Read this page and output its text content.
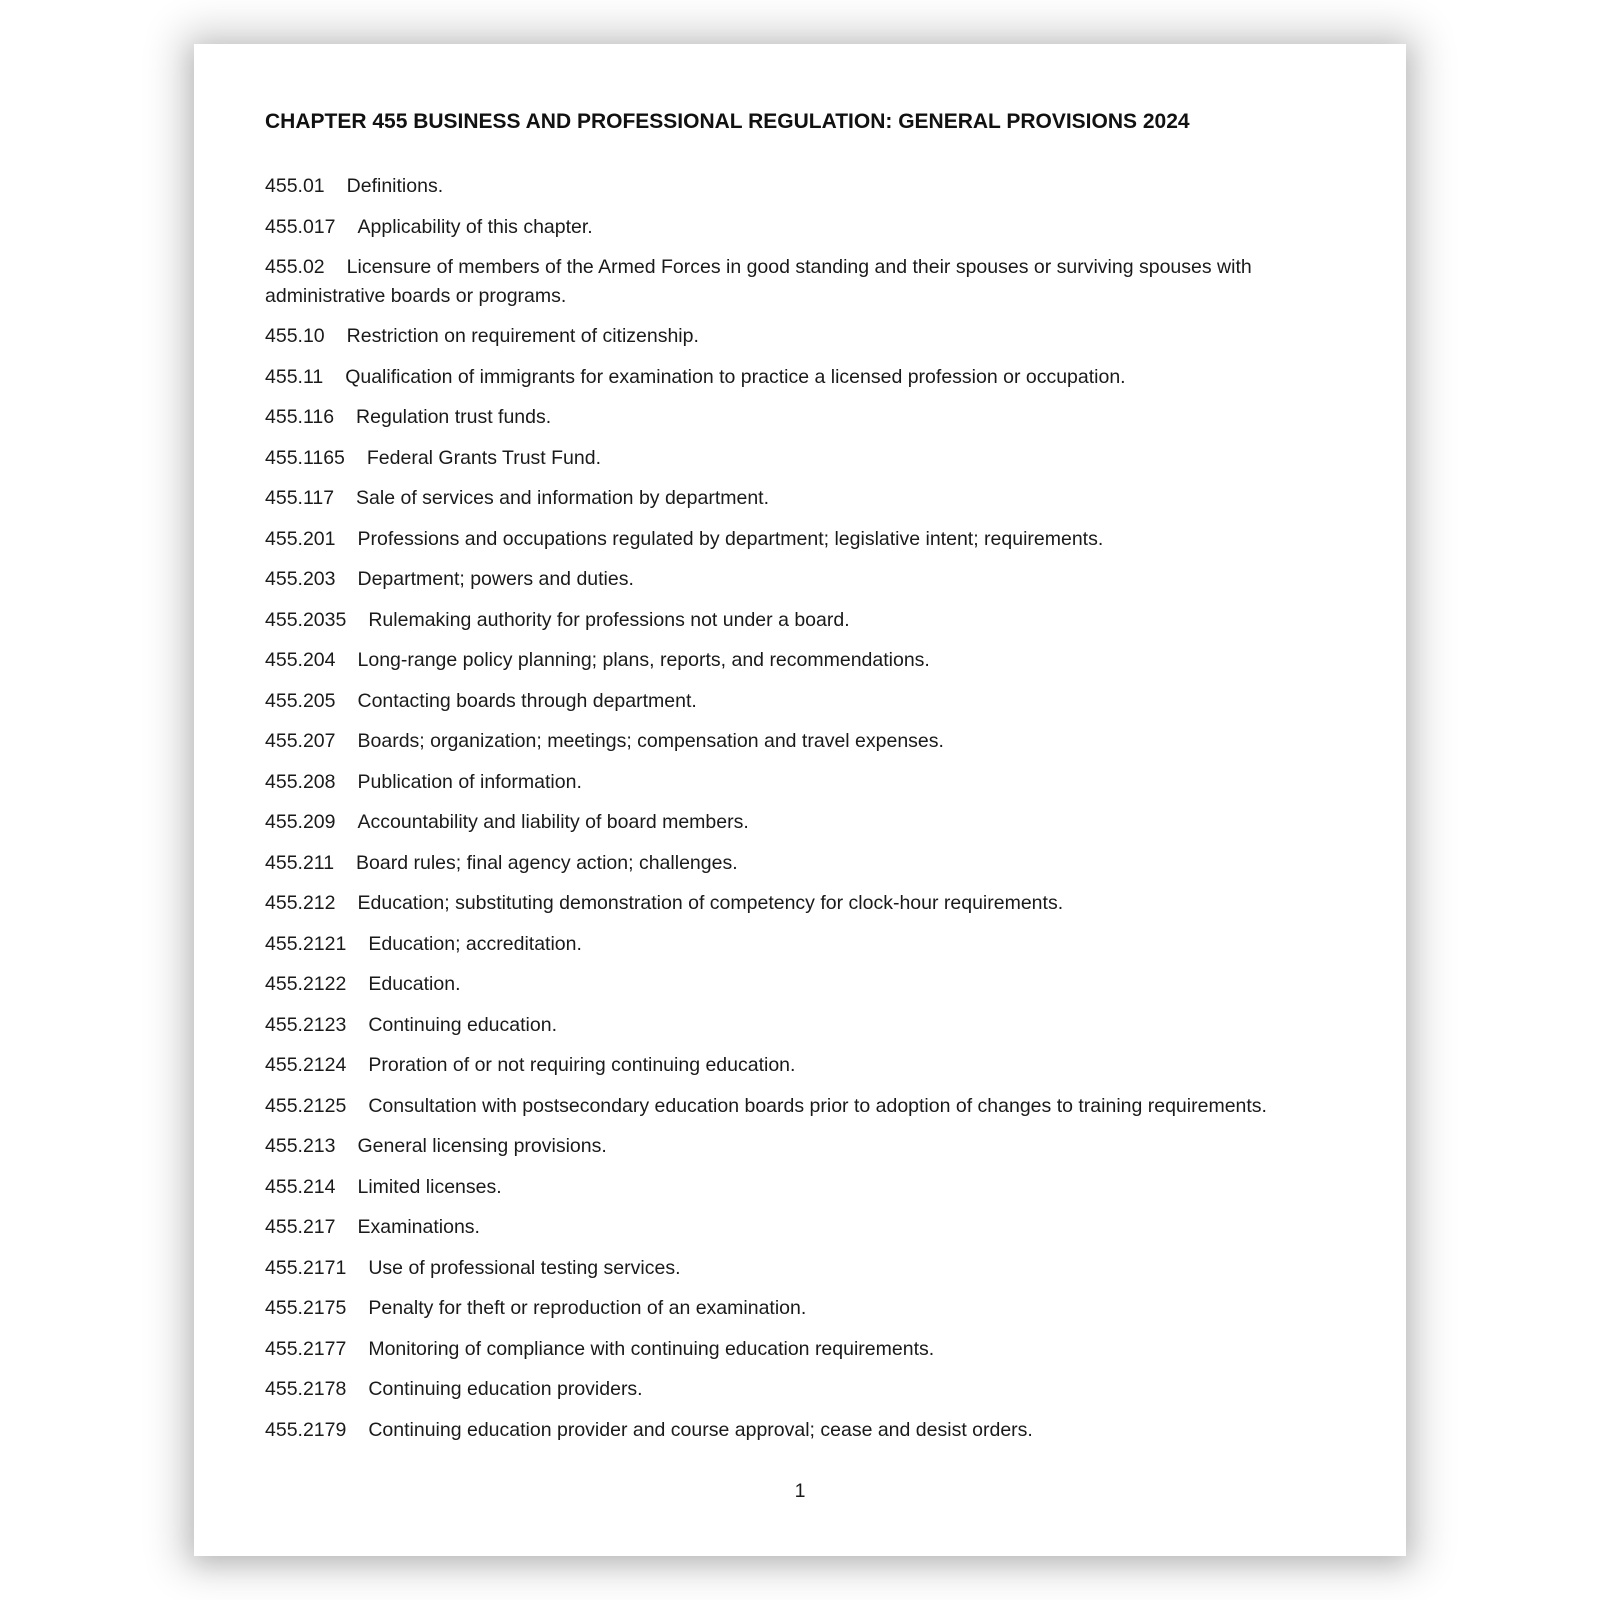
CHAPTER 455 BUSINESS AND PROFESSIONAL REGULATION: GENERAL PROVISIONS 2024
455.01 Definitions.
455.017 Applicability of this chapter.
455.02 Licensure of members of the Armed Forces in good standing and their spouses or surviving spouses with administrative boards or programs.
455.10 Restriction on requirement of citizenship.
455.11 Qualification of immigrants for examination to practice a licensed profession or occupation.
455.116 Regulation trust funds.
455.1165 Federal Grants Trust Fund.
455.117 Sale of services and information by department.
455.201 Professions and occupations regulated by department; legislative intent; requirements.
455.203 Department; powers and duties.
455.2035 Rulemaking authority for professions not under a board.
455.204 Long-range policy planning; plans, reports, and recommendations.
455.205 Contacting boards through department.
455.207 Boards; organization; meetings; compensation and travel expenses.
455.208 Publication of information.
455.209 Accountability and liability of board members.
455.211 Board rules; final agency action; challenges.
455.212 Education; substituting demonstration of competency for clock-hour requirements.
455.2121 Education; accreditation.
455.2122 Education.
455.2123 Continuing education.
455.2124 Proration of or not requiring continuing education.
455.2125 Consultation with postsecondary education boards prior to adoption of changes to training requirements.
455.213 General licensing provisions.
455.214 Limited licenses.
455.217 Examinations.
455.2171 Use of professional testing services.
455.2175 Penalty for theft or reproduction of an examination.
455.2177 Monitoring of compliance with continuing education requirements.
455.2178 Continuing education providers.
455.2179 Continuing education provider and course approval; cease and desist orders.
1
